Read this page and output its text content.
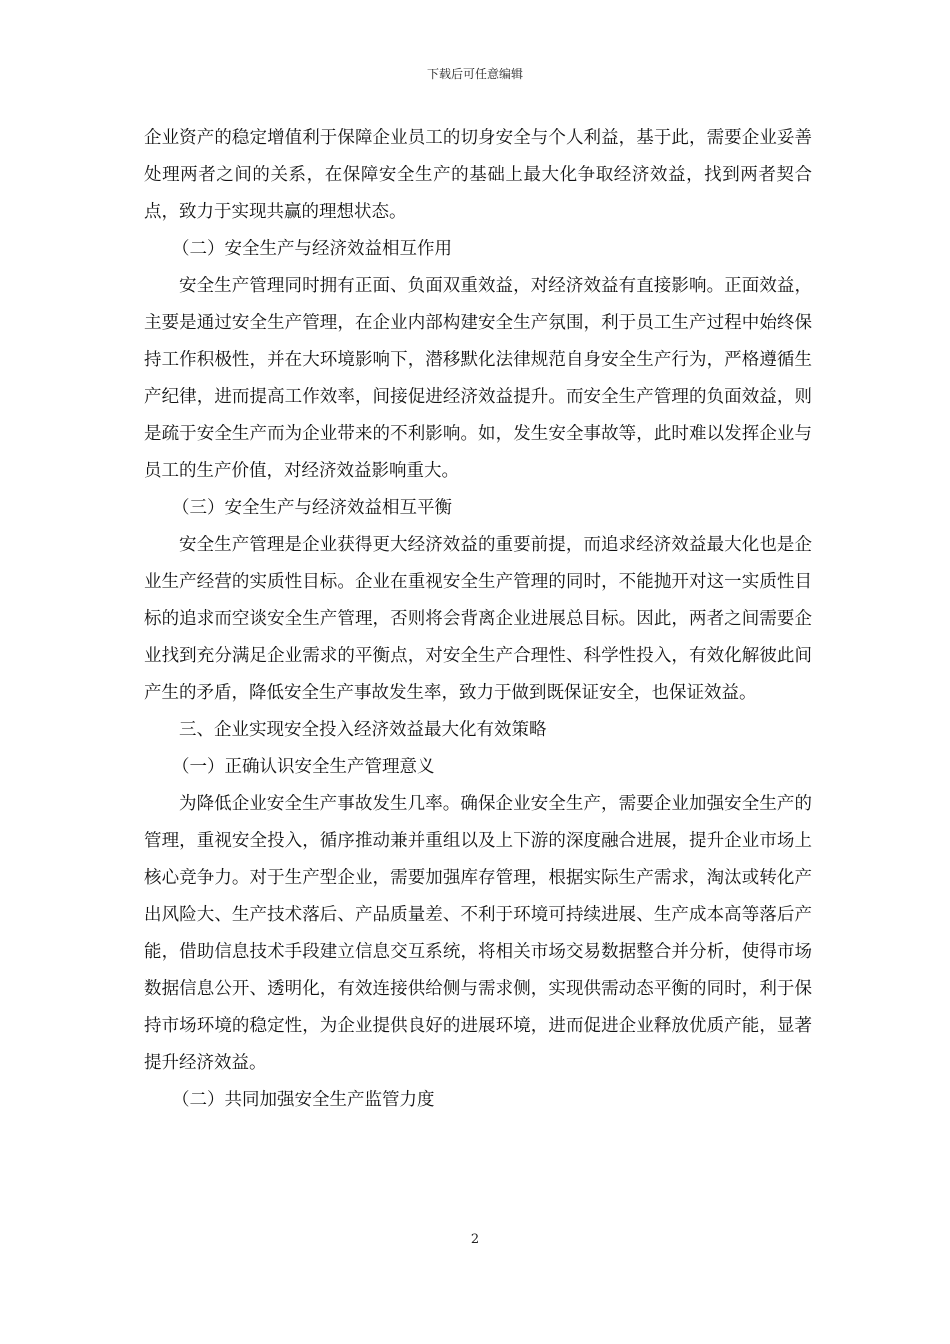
下载后可任意编辑

企业资产的稳定增值利于保障企业员工的切身安全与个人利益，基于此，需要企业妥善处理两者之间的关系，在保障安全生产的基础上最大化争取经济效益，找到两者契合点，致力于实现共赢的理想状态。

（二）安全生产与经济效益相互作用

安全生产管理同时拥有正面、负面双重效益，对经济效益有直接影响。正面效益，主要是通过安全生产管理，在企业内部构建安全生产氛围，利于员工生产过程中始终保持工作积极性，并在大环境影响下，潜移默化法律规范自身安全生产行为，严格遵循生产纪律，进而提高工作效率，间接促进经济效益提升。而安全生产管理的负面效益，则是疏于安全生产而为企业带来的不利影响。如，发生安全事故等，此时难以发挥企业与员工的生产价值，对经济效益影响重大。

（三）安全生产与经济效益相互平衡

安全生产管理是企业获得更大经济效益的重要前提，而追求经济效益最大化也是企业生产经营的实质性目标。企业在重视安全生产管理的同时，不能抛开对这一实质性目标的追求而空谈安全生产管理，否则将会背离企业进展总目标。因此，两者之间需要企业找到充分满足企业需求的平衡点，对安全生产合理性、科学性投入，有效化解彼此间产生的矛盾，降低安全生产事故发生率，致力于做到既保证安全，也保证效益。

三、企业实现安全投入经济效益最大化有效策略

（一）正确认识安全生产管理意义

为降低企业安全生产事故发生几率。确保企业安全生产，需要企业加强安全生产的管理，重视安全投入，循序推动兼并重组以及上下游的深度融合进展，提升企业市场上核心竞争力。对于生产型企业，需要加强库存管理，根据实际生产需求，淘汰或转化产出风险大、生产技术落后、产品质量差、不利于环境可持续进展、生产成本高等落后产能，借助信息技术手段建立信息交互系统，将相关市场交易数据整合并分析，使得市场数据信息公开、透明化，有效连接供给侧与需求侧，实现供需动态平衡的同时，利于保持市场环境的稳定性，为企业提供良好的进展环境，进而促进企业释放优质产能，显著提升经济效益。

（二）共同加强安全生产监管力度

2
